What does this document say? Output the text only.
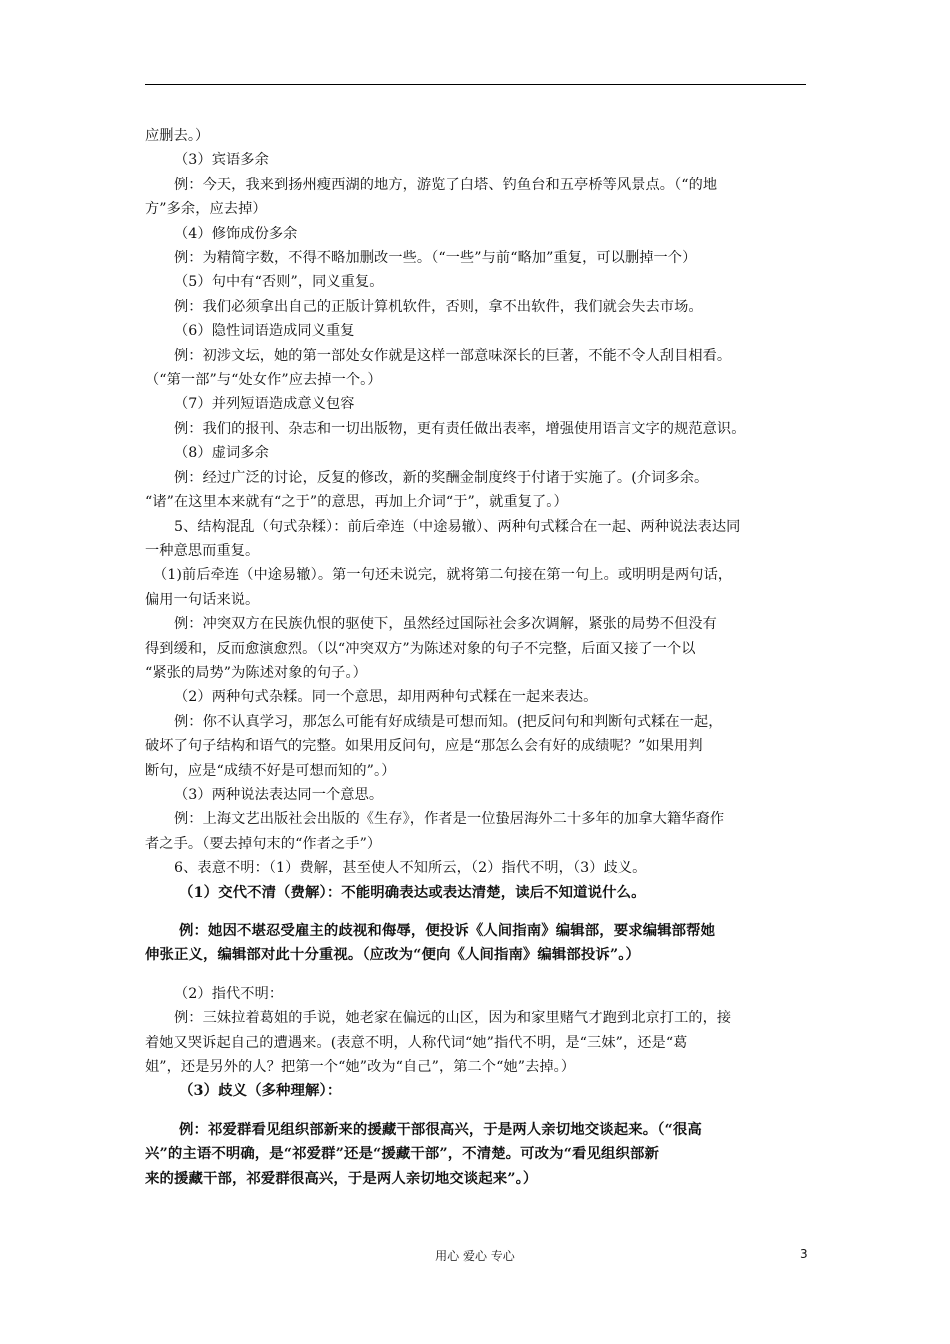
应删去。）
（3）宾语多余
例：今天，我来到扬州瘦西湖的地方，游览了白塔、钓鱼台和五亭桥等风景点。（“的地
方”多余，应去掉）
（4）修饰成份多余
例：为精简字数，不得不略加删改一些。（“一些”与前“略加”重复，可以删掉一个）
（5）句中有“否则”，同义重复。
例：我们必须拿出自己的正版计算机软件，否则，拿不出软件，我们就会失去市场。
（6）隐性词语造成同义重复
例：初涉文坛，她的第一部处女作就是这样一部意味深长的巨著，不能不令人刮目相看。
（“第一部”与“处女作”应去掉一个。）
（7）并列短语造成意义包容
例：我们的报刊、杂志和一切出版物，更有责任做出表率，增强使用语言文字的规范意识。
（8）虚词多余
例：经过广泛的讨论，反复的修改，新的奖酬金制度终于付诸于实施了。(介词多余。
“诸”在这里本来就有“之于”的意思，再加上介词“于”，就重复了。）
5、结构混乱（句式杂糅）：前后牵连（中途易辙）、两种句式糅合在一起、两种说法表达同
一种意思而重复。
（1)前后牵连（中途易辙）。第一句还未说完，就将第二句接在第一句上。或明明是两句话，
偏用一句话来说。
例：冲突双方在民族仇恨的驱使下，虽然经过国际社会多次调解，紧张的局势不但没有
得到缓和，反而愈演愈烈。（以“冲突双方”为陈述对象的句子不完整，后面又接了一个以
“紧张的局势”为陈述对象的句子。）
（2）两种句式杂糅。同一个意思，却用两种句式糅在一起来表达。
例：你不认真学习，那怎么可能有好成绩是可想而知。(把反问句和判断句式糅在一起，
破坏了句子结构和语气的完整。如果用反问句，应是“那怎么会有好的成绩呢？”如果用判
断句，应是“成绩不好是可想而知的”。）
（3）两种说法表达同一个意思。
例：上海文艺出版社会出版的《生存》，作者是一位蛰居海外二十多年的加拿大籍华裔作
者之手。（要去掉句末的“作者之手”）
6、表意不明：（1）费解，甚至使人不知所云，（2）指代不明，（3）歧义。
（1）交代不清（费解）：不能明确表达或表达清楚，读后不知道说什么。
例：她因不堪忍受雇主的歧视和侮辱，便投诉《人间指南》编辑部，要求编辑部帮她
伸张正义，编辑部对此十分重视。（应改为“便向《人间指南》编辑部投诉”。）
（2）指代不明：
例：三妹拉着葛姐的手说，她老家在偏远的山区，因为和家里赌气才跑到北京打工的，接
着她又哭诉起自己的遭遇来。(表意不明，人称代词“她”指代不明，是“三妹”，还是“葛
姐”，还是另外的人？把第一个“她”改为“自己”，第二个“她”去掉。）
（3）歧义（多种理解）：
例：祁爱群看见组织部新来的援藏干部很高兴，于是两人亲切地交谈起来。（“很高
兴”的主语不明确，是“祁爱群”还是“援藏干部”，不清楚。可改为“看见组织部新
来的援藏干部，祁爱群很高兴，于是两人亲切地交谈起来”。）
用心 爱心 专心	3
